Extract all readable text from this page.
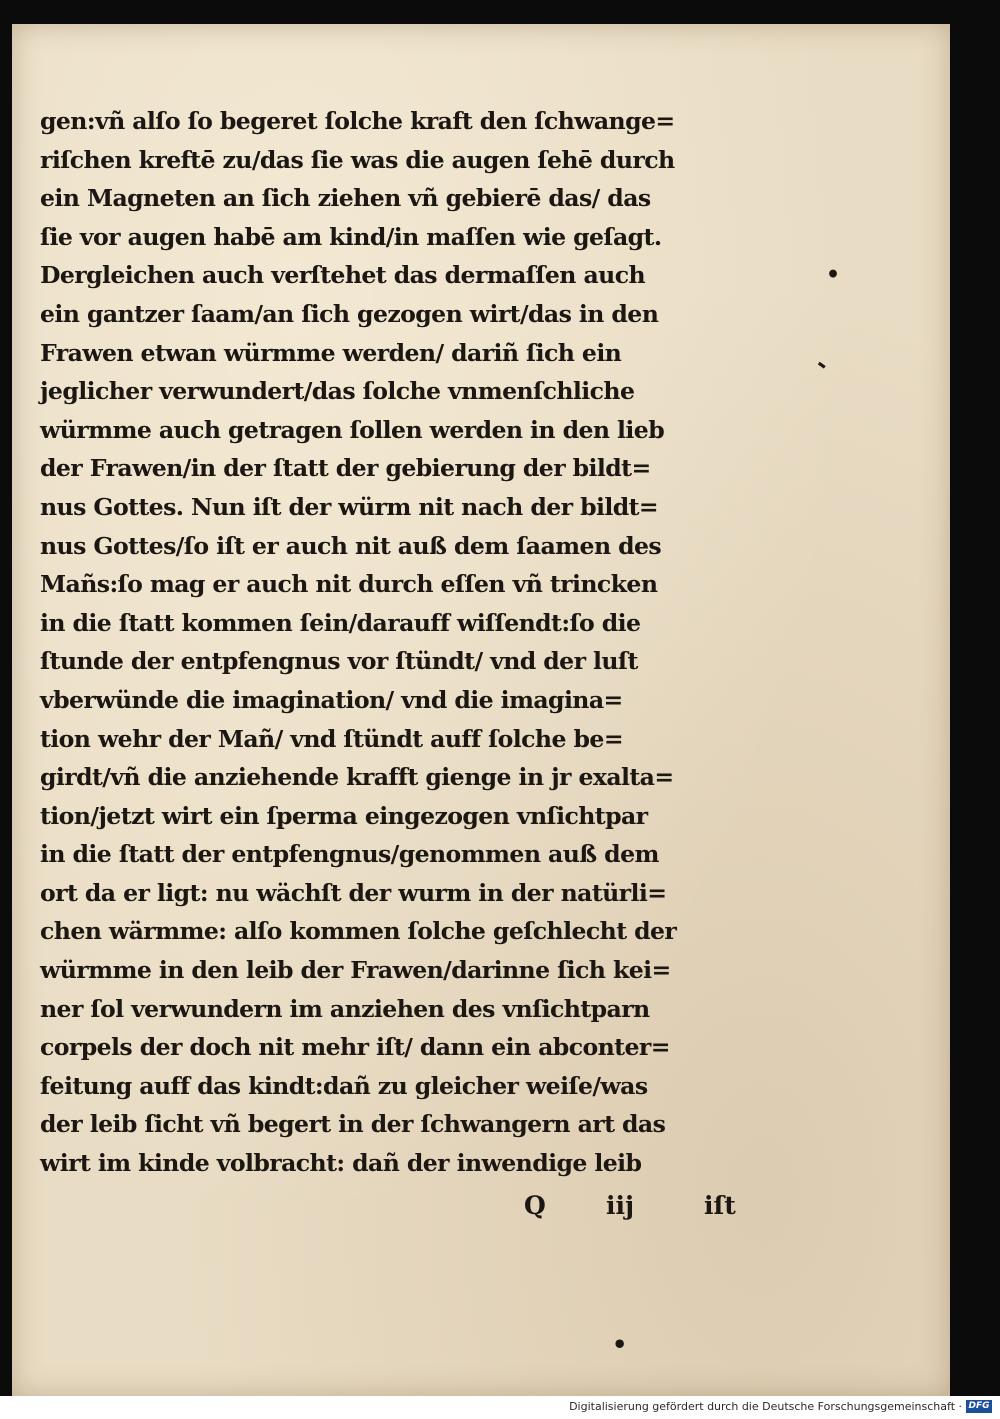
gen:vñ alſo ſo begeret ſolche kraft den ſchwange=
riſchen kreftē zu/das ſie was die augen ſehē durch
ein Magneten an ſich ziehen vñ gebierē das/ das
ſie vor augen habē am kind/in maſſen wie geſagt.
Dergleichen auch verſtehet das dermaſſen auch
ein gantzer ſaam/an ſich gezogen wirt/das in den
Frawen etwan würmme werden/ dariñ ſich ein
jeglicher verwundert/das ſolche vnmenſchliche
würmme auch getragen ſollen werden in den lieb
der Frawen/in der ſtatt der gebierung der bildt=
nus Gottes. Nun iſt der würm nit nach der bildt=
nus Gottes/ſo iſt er auch nit auß dem ſaamen des
Mañs:ſo mag er auch nit durch eſſen vñ trincken
in die ſtatt kommen ſein/darauff wiſſendt:ſo die
ſtunde der entpfengnus vor ſtündt/ vnd der luſt
vberwünde die imagination/ vnd die imagina=
tion wehr der Mañ/ vnd ſtündt auff ſolche be=
girdt/vñ die anziehende krafft gienge in jr exalta=
tion/jetzt wirt ein ſperma eingezogen vnſichtpar
in die ſtatt der entpfengnus/genommen auß dem
ort da er ligt: nu wächſt der wurm in der natürli=
chen wärmme: alſo kommen ſolche geſchlecht der
würmme in den leib der Frawen/darinne ſich kei=
ner ſol verwundern im anziehen des vnſichtparn
corpels der doch nit mehr iſt/ dann ein abconter=
feitung auff das kindt:dañ zu gleicher weiſe/was
der leib ſicht vñ begert in der ſchwangern art das
wirt im kinde volbracht: dañ der inwendige leib
•
-
Q iij	iſt
•
Digitalisierung gefördert durch die Deutsche Forschungsgemeinschaft · DFG
